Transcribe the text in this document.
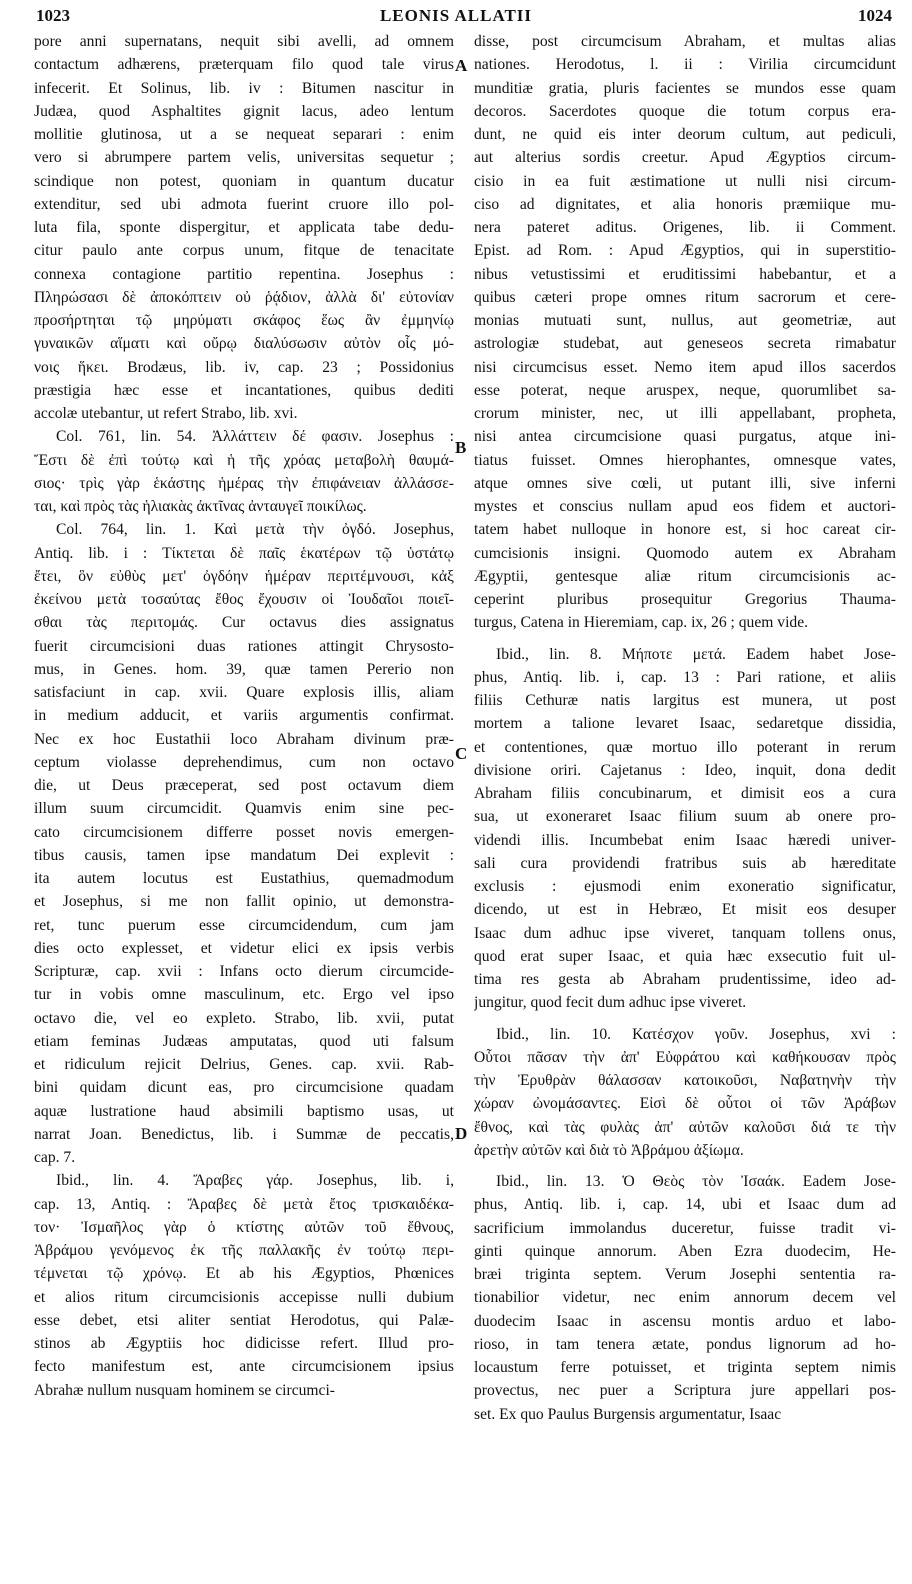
1023	LEONIS ALLATII	1024
A
B
C
D
pore anni supernatans, nequit sibi avelli, ad omnem
contactum adhærens, præterquam filo quod tale virus
infecerit. Et Solinus, lib. iv : Bitumen nascitur in
Judæa, quod Asphaltites gignit lacus, adeo lentum
mollitie glutinosa, ut a se nequeat separari : enim
vero si abrumpere partem velis, universitas sequetur ;
scindique non potest, quoniam in quantum ducatur
extenditur, sed ubi admota fuerint cruore illo pol-
luta fila, sponte dispergitur, et applicata tabe dedu-
citur paulo ante corpus unum, fitque de tenacitate
connexa contagione partitio repentina. Josephus :
Πληρώσασι δὲ ἀποκόπτειν οὐ ῥᾴδιον, ἀλλὰ δι' εὐτονίαν
προσήρτηται τῷ μηρύματι σκάφος ἕως ἂν ἐμμηνίῳ
γυναικῶν αἵματι καὶ οὔρῳ διαλύσωσιν αὐτὸν οἷς μό-
νοις ἥκει. Brodæus, lib. iv, cap. 23 ; Possidonius
præstigia hæc esse et incantationes, quibus dediti
accolæ utebantur, ut refert Strabo, lib. xvi.
Col. 761, lin. 54. Ἀλλάττειν δέ φασιν. Josephus :
Ἔστι δὲ ἐπὶ τούτῳ καὶ ἡ τῆς χρόας μεταβολὴ θαυμά-
σιος· τρὶς γὰρ ἑκάστης ἡμέρας τὴν ἐπιφάνειαν ἀλλάσσε-
ται, καὶ πρὸς τὰς ἡλιακὰς ἀκτῖνας ἀνταυγεῖ ποικίλως.
Col. 764, lin. 1. Καὶ μετὰ τὴν ὀγδό. Josephus,
Antiq. lib. i : Τίκτεται δὲ παῖς ἑκατέρων τῷ ὑστάτῳ
ἔτει, ὃν εὐθὺς μετ' ὀγδόην ἡμέραν περιτέμνουσι, κἀξ
ἐκείνου μετὰ τοσαύτας ἔθος ἔχουσιν οἱ Ἰουδαῖοι ποιεῖ-
σθαι τὰς περιτομάς. Cur octavus dies assignatus
fuerit circumcisioni duas rationes attingit Chrysosto-
mus, in Genes. hom. 39, quæ tamen Pererio non
satisfaciunt in cap. xvii. Quare explosis illis, aliam
in medium adducit, et variis argumentis confirmat.
Nec ex hoc Eustathii loco Abraham divinum præ-
ceptum violasse deprehendimus, cum non octavo
die, ut Deus præceperat, sed post octavum diem
illum suum circumcidit. Quamvis enim sine pec-
cato circumcisionem differre posset novis emergen-
tibus causis, tamen ipse mandatum Dei explevit :
ita autem locutus est Eustathius, quemadmodum
et Josephus, si me non fallit opinio, ut demonstra-
ret, tunc puerum esse circumcidendum, cum jam
dies octo explesset, et videtur elici ex ipsis verbis
Scripturæ, cap. xvii : Infans octo dierum circumcide-
tur in vobis omne masculinum, etc. Ergo vel ipso
octavo die, vel eo expleto. Strabo, lib. xvii, putat
etiam feminas Judæas amputatas, quod uti falsum
et ridiculum rejicit Delrius, Genes. cap. xvii. Rab-
bini quidam dicunt eas, pro circumcisione quadam
aquæ lustratione haud absimili baptismo usas, ut
narrat Joan. Benedictus, lib. i Summæ de peccatis,
cap. 7.
Ibid., lin. 4. Ἄραβες γάρ. Josephus, lib. i,
cap. 13, Antiq. : Ἄραβες δὲ μετὰ ἔτος τρισκαιδέκα-
τον· Ἰσμαῆλος γὰρ ὁ κτίστης αὐτῶν τοῦ ἔθνους,
Ἀβράμου γενόμενος ἐκ τῆς παλλακῆς ἐν τούτῳ περι-
τέμνεται τῷ χρόνῳ. Et ab his Ægyptios, Phœnices
et alios ritum circumcisionis accepisse nulli dubium
esse debet, etsi aliter sentiat Herodotus, qui Palæ-
stinos ab Ægyptiis hoc didicisse refert. Illud pro-
fecto manifestum est, ante circumcisionem ipsius
Abrahæ nullum nusquam hominem se circumci-
disse, post circumcisum Abraham, et multas alias
nationes. Herodotus, l. ii : Virilia circumcidunt
munditiæ gratia, pluris facientes se mundos esse quam
decoros. Sacerdotes quoque die totum corpus era-
dunt, ne quid eis inter deorum cultum, aut pediculi,
aut alterius sordis creetur. Apud Ægyptios circum-
cisio in ea fuit æstimatione ut nulli nisi circum-
ciso ad dignitates, et alia honoris præmiique mu-
nera pateret aditus. Origenes, lib. ii Comment.
Epist. ad Rom. : Apud Ægyptios, qui in superstitio-
nibus vetustissimi et eruditissimi habebantur, et a
quibus cæteri prope omnes ritum sacrorum et cere-
monias mutuati sunt, nullus, aut geometriæ, aut
astrologiæ studebat, aut geneseos secreta rimabatur
nisi circumcisus esset. Nemo item apud illos sacerdos
esse poterat, neque aruspex, neque, quorumlibet sa-
crorum minister, nec, ut illi appellabant, propheta,
nisi antea circumcisione quasi purgatus, atque ini-
tiatus fuisset. Omnes hierophantes, omnesque vates,
atque omnes sive cœli, ut putant illi, sive inferni
mystes et conscius nullam apud eos fidem et auctori-
tatem habet nulloque in honore est, si hoc careat cir-
cumcisionis insigni. Quomodo autem ex Abraham
Ægyptii, gentesque aliæ ritum circumcisionis ac-
ceperint pluribus prosequitur Gregorius Thauma-
turgus, Catena in Hieremiam, cap. ix, 26 ; quem vide.
Ibid., lin. 8. Μήποτε μετά. Eadem habet Jose-
phus, Antiq. lib. i, cap. 13 : Pari ratione, et aliis
filiis Cethuræ natis largitus est munera, ut post
mortem a talione levaret Isaac, sedaretque dissidia,
et contentiones, quæ mortuo illo poterant in rerum
divisione oriri. Cajetanus : Ideo, inquit, dona dedit
Abraham filiis concubinarum, et dimisit eos a cura
sua, ut exoneraret Isaac filium suum ab onere pro-
videndi illis. Incumbebat enim Isaac hæredi univer-
sali cura providendi fratribus suis ab hæreditate
exclusis : ejusmodi enim exoneratio significatur,
dicendo, ut est in Hebræo, Et misit eos desuper
Isaac dum adhuc ipse viveret, tanquam tollens onus,
quod erat super Isaac, et quia hæc exsecutio fuit ul-
tima res gesta ab Abraham prudentissime, ideo ad-
jungitur, quod fecit dum adhuc ipse viveret.
Ibid., lin. 10. Κατέσχον γοῦν. Josephus, xvi :
Οὗτοι πᾶσαν τὴν ἀπ' Εὐφράτου καὶ καθήκουσαν πρὸς
τὴν Ἐρυθρὰν θάλασσαν κατοικοῦσι, Ναβατηνὴν τὴν
χώραν ὠνομάσαντες. Εἰσὶ δὲ οὗτοι οἱ τῶν Ἀράβων
ἔθνος, καὶ τὰς φυλὰς ἀπ' αὐτῶν καλοῦσι διά τε τὴν
ἀρετὴν αὐτῶν καὶ διὰ τὸ Ἀβράμου ἀξίωμα.
Ibid., lin. 13. Ὁ Θεὸς τὸν Ἰσαάκ. Eadem Jose-
phus, Antiq. lib. i, cap. 14, ubi et Isaac dum ad
sacrificium immolandus duceretur, fuisse tradit vi-
ginti quinque annorum. Aben Ezra duodecim, He-
bræi triginta septem. Verum Josephi sententia ra-
tionabilior videtur, nec enim annorum decem vel
duodecim Isaac in ascensu montis arduo et labo-
rioso, in tam tenera ætate, pondus lignorum ad ho-
locaustum ferre potuisset, et triginta septem nimis
provectus, nec puer a Scriptura jure appellari pos-
set. Ex quo Paulus Burgensis argumentatur, Isaac
